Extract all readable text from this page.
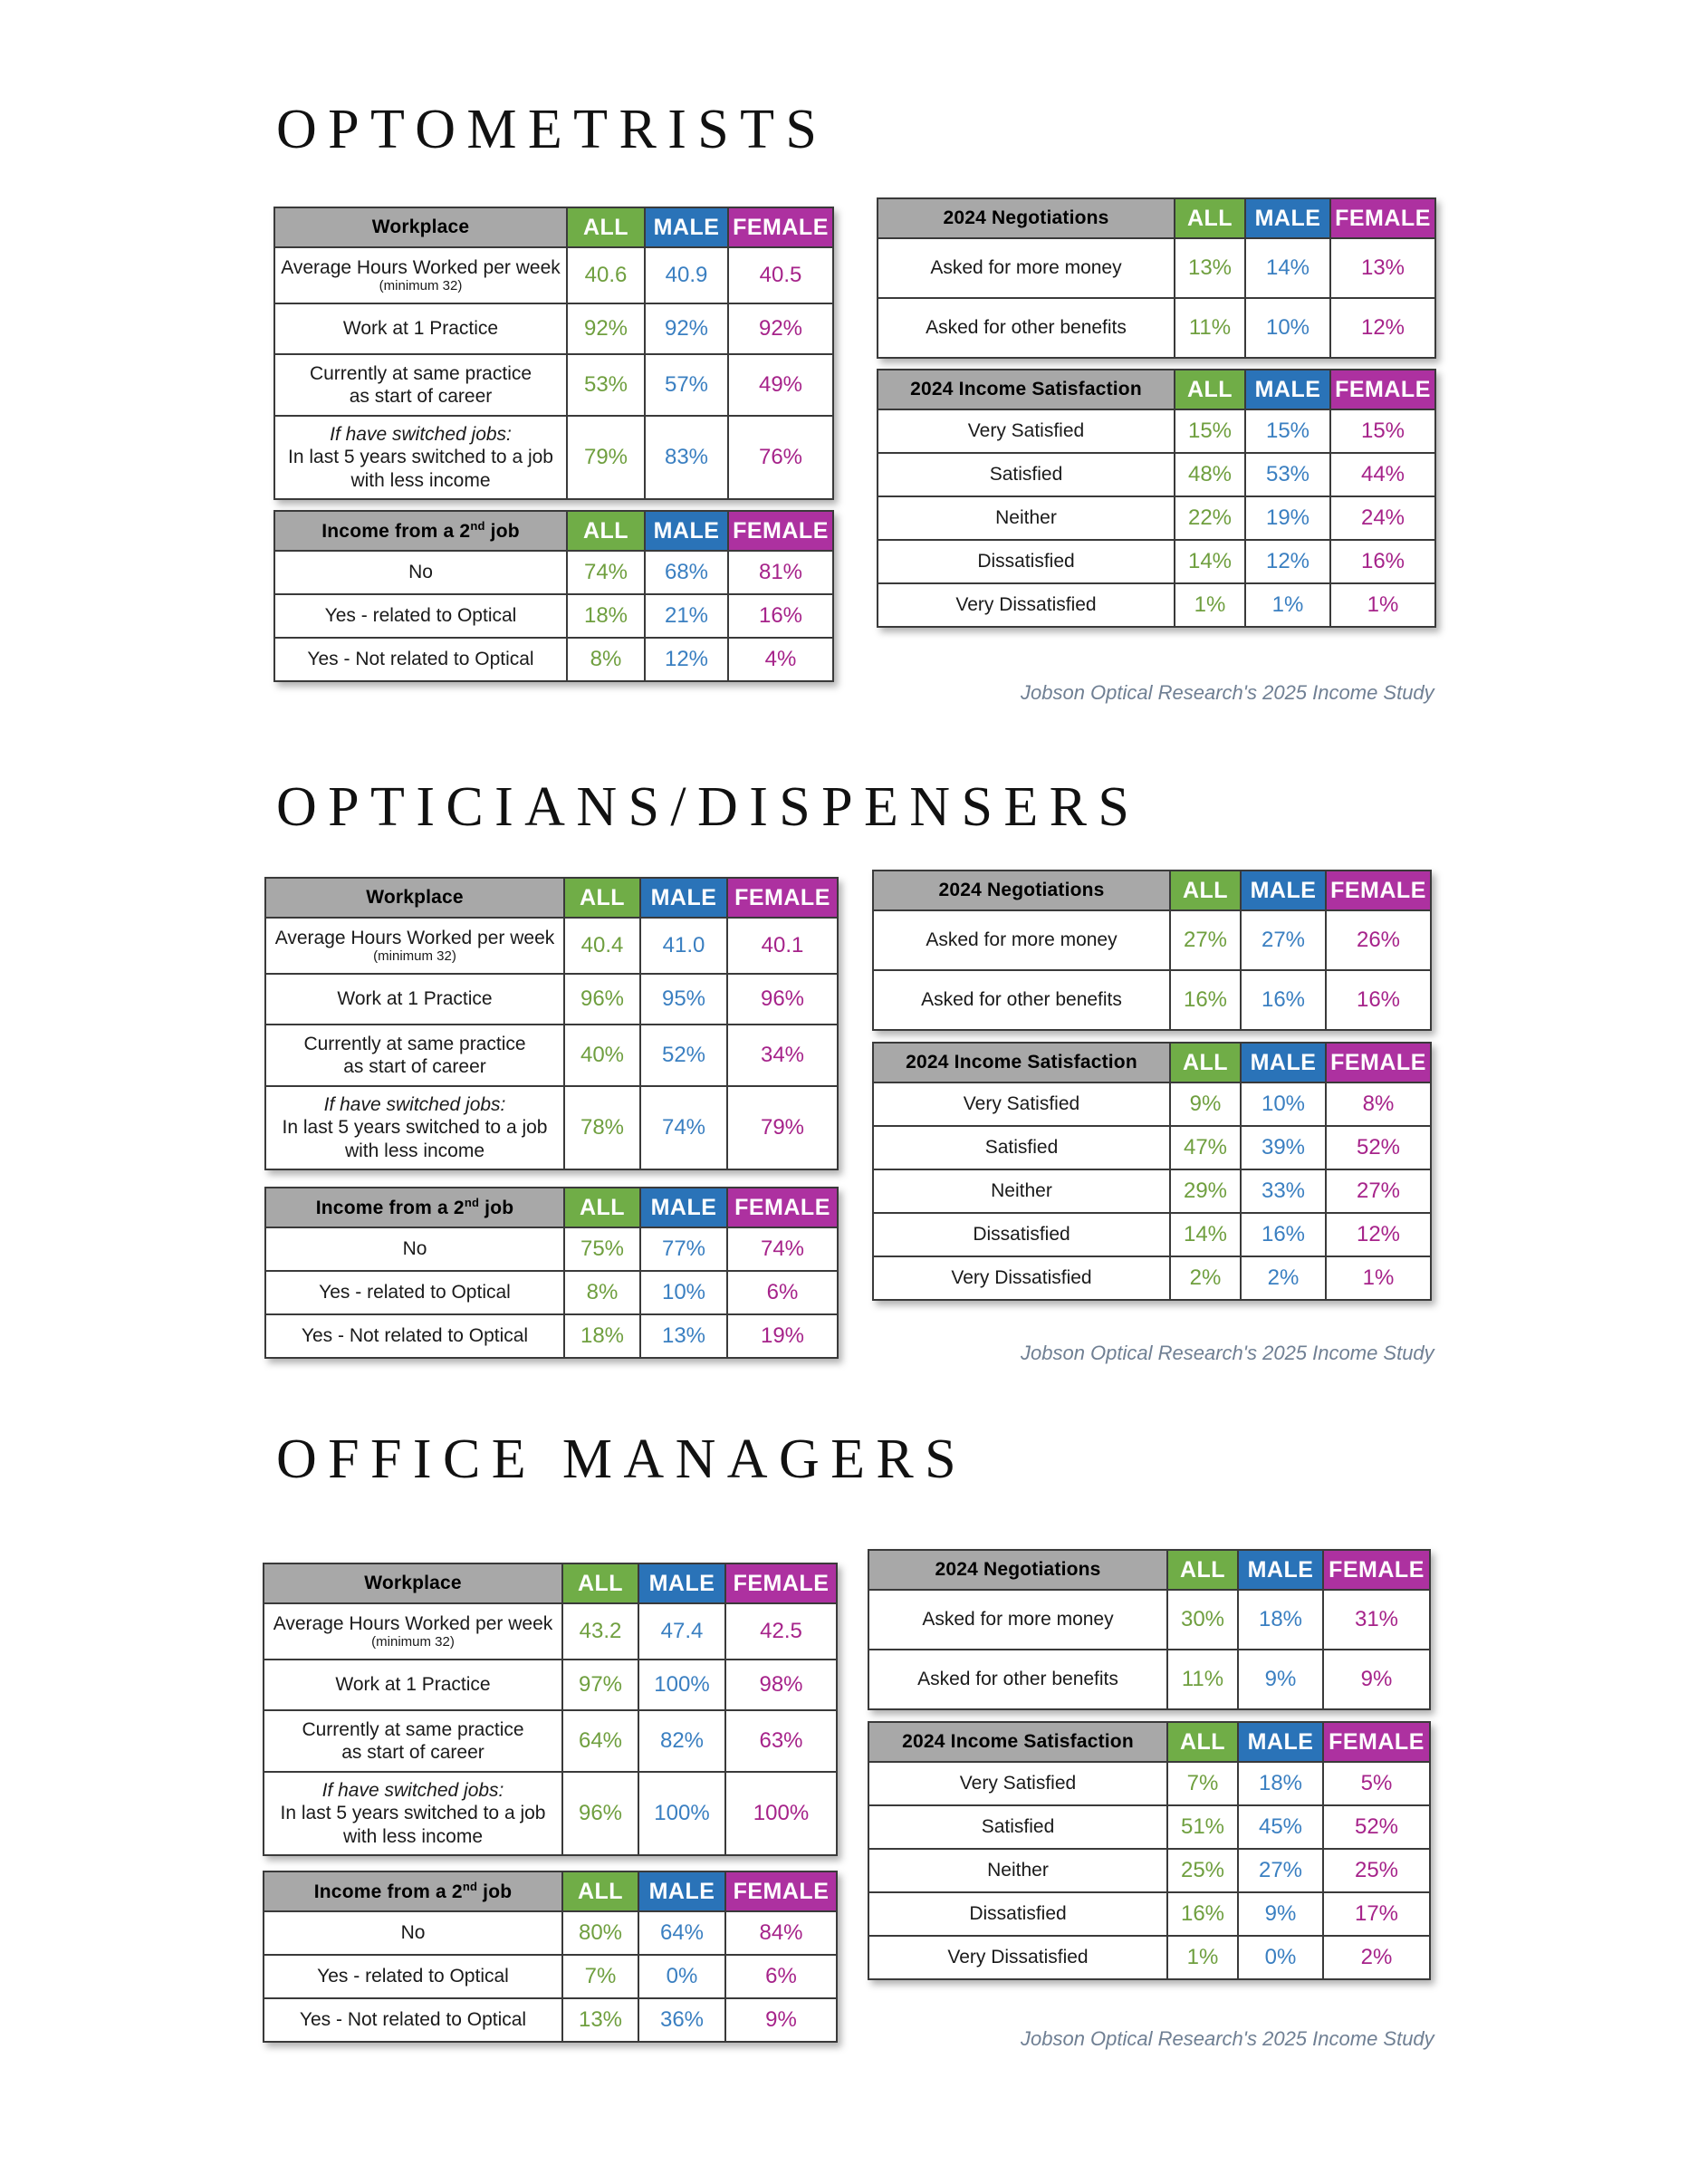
OPTOMETRISTS
Workplace	ALL	MALE	FEMALE
Average Hours Worked per week
(minimum 32)	40.6	40.9	40.5
Work at 1 Practice	92%	92%	92%
Currently at same practice
as start of career	53%	57%	49%

If have switched jobs:
In last 5 years switched to a job
with less income	79%	83%	76%
Income from a 2nd job	ALL	MALE	FEMALE
No	74%	68%	81%
Yes - related to Optical	18%	21%	16%
Yes - Not related to Optical	8%	12%	4%
2024 Negotiations	ALL	MALE	FEMALE
Asked for more money	13%	14%	13%
Asked for other benefits	11%	10%	12%
2024 Income Satisfaction	ALL	MALE	FEMALE
Very Satisfied	15%	15%	15%
Satisfied	48%	53%	44%
Neither	22%	19%	24%
Dissatisfied	14%	12%	16%
Very Dissatisfied	1%	1%	1%
Jobson Optical Research's 2025 Income Study
OPTICIANS/DISPENSERS
Workplace	ALL	MALE	FEMALE
Average Hours Worked per week
(minimum 32)	40.4	41.0	40.1
Work at 1 Practice	96%	95%	96%
Currently at same practice
as start of career	40%	52%	34%

If have switched jobs:
In last 5 years switched to a job
with less income	78%	74%	79%
Income from a 2nd job	ALL	MALE	FEMALE
No	75%	77%	74%
Yes - related to Optical	8%	10%	6%
Yes - Not related to Optical	18%	13%	19%
2024 Negotiations	ALL	MALE	FEMALE
Asked for more money	27%	27%	26%
Asked for other benefits	16%	16%	16%
2024 Income Satisfaction	ALL	MALE	FEMALE
Very Satisfied	9%	10%	8%
Satisfied	47%	39%	52%
Neither	29%	33%	27%
Dissatisfied	14%	16%	12%
Very Dissatisfied	2%	2%	1%
Jobson Optical Research's 2025 Income Study
OFFICE MANAGERS
Workplace	ALL	MALE	FEMALE
Average Hours Worked per week
(minimum 32)	43.2	47.4	42.5
Work at 1 Practice	97%	100%	98%
Currently at same practice
as start of career	64%	82%	63%

If have switched jobs:
In last 5 years switched to a job
with less income	96%	100%	100%
Income from a 2nd job	ALL	MALE	FEMALE
No	80%	64%	84%
Yes - related to Optical	7%	0%	6%
Yes - Not related to Optical	13%	36%	9%
2024 Negotiations	ALL	MALE	FEMALE
Asked for more money	30%	18%	31%
Asked for other benefits	11%	9%	9%
2024 Income Satisfaction	ALL	MALE	FEMALE
Very Satisfied	7%	18%	5%
Satisfied	51%	45%	52%
Neither	25%	27%	25%
Dissatisfied	16%	9%	17%
Very Dissatisfied	1%	0%	2%
Jobson Optical Research's 2025 Income Study
